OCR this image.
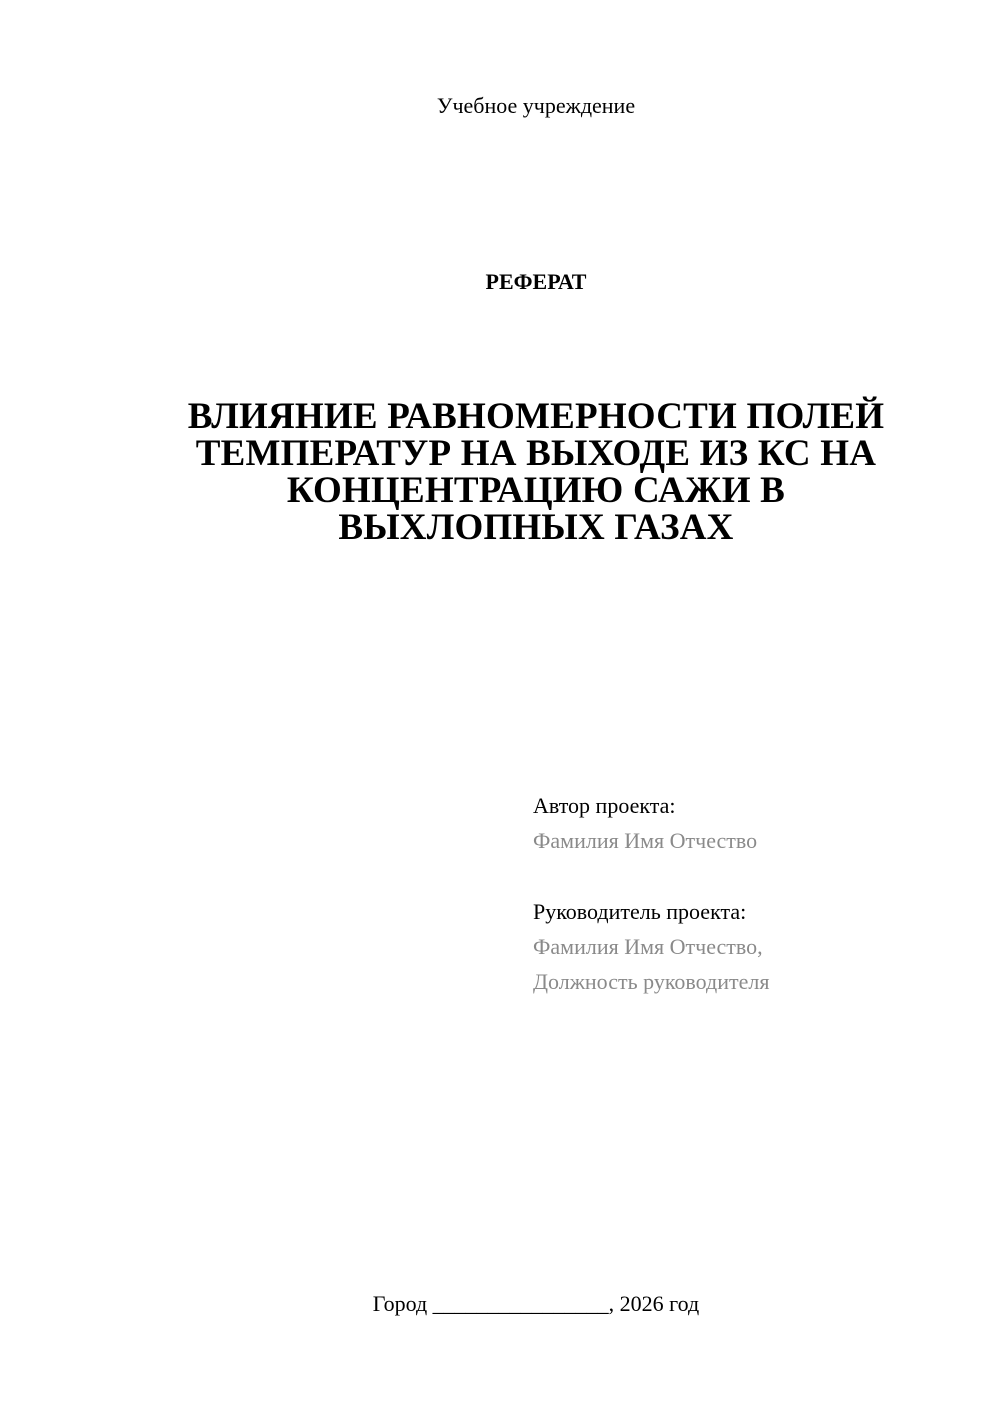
Учебное учреждение
РЕФЕРАТ
ВЛИЯНИЕ РАВНОМЕРНОСТИ ПОЛЕЙ
ТЕМПЕРАТУР НА ВЫХОДЕ ИЗ КС НА
КОНЦЕНТРАЦИЮ САЖИ В
ВЫХЛОПНЫХ ГАЗАХ
Автор проекта:
Фамилия Имя Отчество
Руководитель проекта:
Фамилия Имя Отчество,
Должность руководителя
Город ________________, 2026 год
